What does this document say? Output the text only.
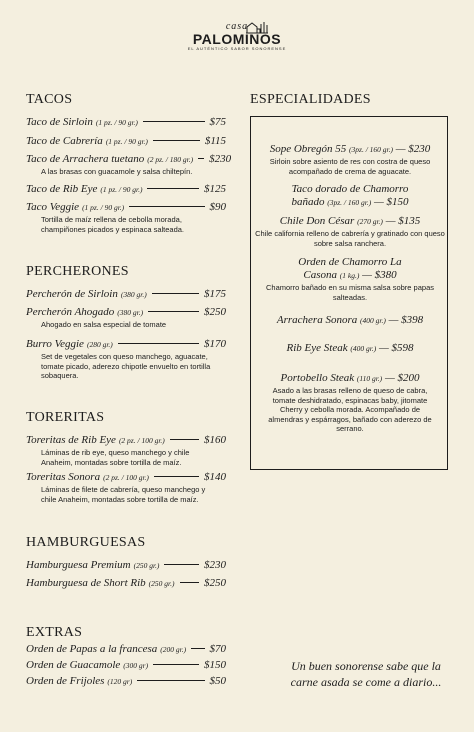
casa
PALOMINOS
EL AUTÉNTICO SABOR SONORENSE
TACOS
Taco de Sirloin (1 pz. / 90 gr.)	$75
Taco de Cabrería (1 pz. / 90 gr.)	$115
Taco de Arrachera tuetano (2 pz. / 180 gr.) $230
A las brasas con guacamole y salsa chiltepín.
Taco de Rib Eye (1 pz. / 90 gr.)	$125
Taco Veggie (1 pz. / 90 gr.)	$90
Tortilla de maíz rellena de cebolla morada, champiñones picados y espinaca salteada.
PERCHERONES
Percherón de Sirloin (380 gr.)	$175
Percherón Ahogado (380 gr.)	$250
Ahogado en salsa especial de tomate
Burro Veggie (280 gr.)	$170
Set de vegetales con queso manchego, aguacate, tomate picado, aderezo chipotle envuelto en tortilla sobaquera.
TORERITAS
Toreritas de Rib Eye (2 pz. / 100 gr.)	$160
Láminas de rib eye, queso manchego y chile Anaheim, montadas sobre tortilla de maíz.
Toreritas Sonora (2 pz. / 100 gr.)	$140
Láminas de filete de cabrería, queso manchego y chile Anaheim, montadas sobre tortilla de maíz.
HAMBURGUESAS
Hamburguesa Premium (250 gr.)	$230
Hamburguesa de Short Rib (250 gr.)	$250
EXTRAS
Orden de Papas a la francesa (200 gr.) $70
Orden de Guacamole (300 gr)	$150
Orden de Frijoles (120 gr)	$50
ESPECIALIDADES
Sope Obregón 55 (3pz. / 160 gr.) — $230
Sirloin sobre asiento de res con costra de queso acompañado de crema de aguacate.
Taco dorado de Chamorro bañado (3pz. / 160 gr.) — $150
Chile Don César (270 gr.) — $135
Chile california relleno de cabrería y gratinado con queso sobre salsa ranchera.
Orden de Chamorro La Casona (1 kg.) — $380
Chamorro bañado en su misma salsa sobre papas salteadas.
Arrachera Sonora (400 gr.) — $398
Rib Eye Steak (400 gr.) — $598
Portobello Steak (110 gr.) — $200
Asado a las brasas relleno de queso de cabra, tomate deshidratado, espinacas baby, jitomate Cherry y cebolla morada. Acompañado de almendras y espárragos, bañado con aderezo de serrano.
Un buen sonorense sabe que la carne asada se come a diario...
